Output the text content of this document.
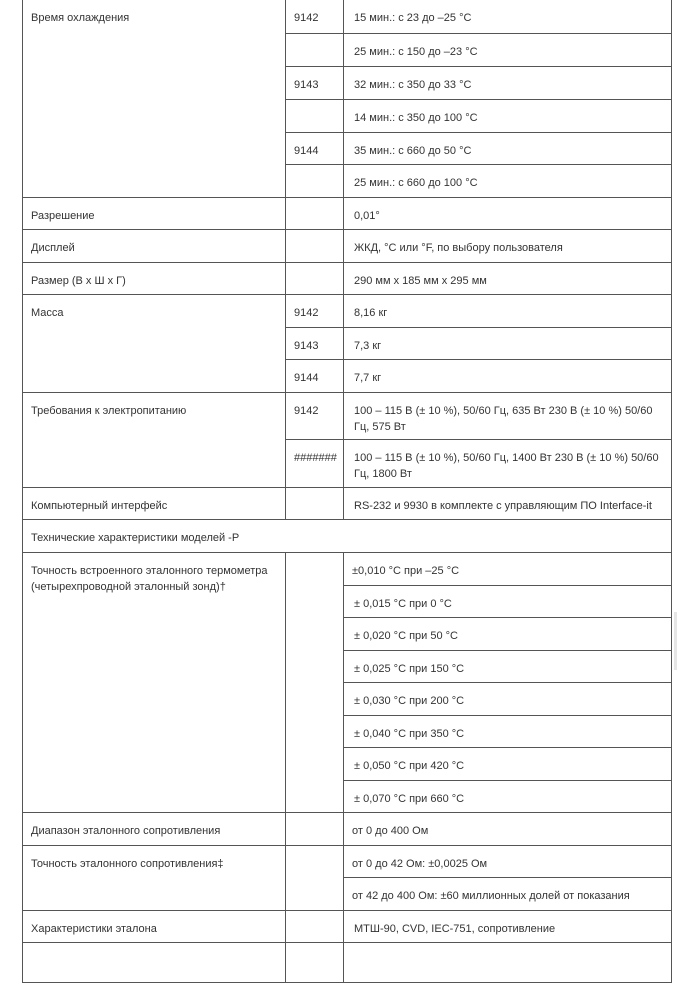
Время охлаждения	9142	15 мин.: с 23 до –25 °С
		25 мин.: с 150 до –23 °С
	9143	32 мин.: с 350 до 33 °С
		14 мин.: с 350 до 100 °С
	9144	35 мин.: с 660 до 50 °С
		25 мин.: с 660 до 100 °С
Разрешение		0,01°
Дисплей		ЖКД, °C или °F, по выбору пользователя
Размер (В х Ш х Г)		290 мм х 185 мм х 295 мм
Масса	9142	8,16 кг
	9143	7,3 кг
	9144	7,7 кг
Требования к электропитанию	9142	100 – 115 В (± 10 %), 50/60 Гц, 635 Вт 230 В (± 10 %) 50/60 Гц, 575 Вт
	#######	100 – 115 В (± 10 %), 50/60 Гц, 1400 Вт 230 В (± 10 %) 50/60 Гц, 1800 Вт
Компьютерный интерфейс		RS-232 и 9930 в комплекте с управляющим ПО Interface-it
Технические характеристики моделей -P		
Точность встроенного эталонного термометра (четырехпроводной эталонный зонд)†		±0,010 °C при –25 °C
		± 0,015 °C при 0 °C
		± 0,020 °C при 50 °C
		± 0,025 °C при 150 °C
		± 0,030 °C при 200 °C
		± 0,040 °C при 350 °C
		± 0,050 °C при 420 °C
		± 0,070 °C при 660 °C
Диапазон эталонного сопротивления		от 0 до 400 Ом
Точность эталонного сопротивления‡		от 0 до 42 Ом: ±0,0025 Ом
		от 42 до 400 Ом: ±60 миллионных долей от показания
Характеристики эталона		МТШ-90, CVD, IEC-751, сопротивление
